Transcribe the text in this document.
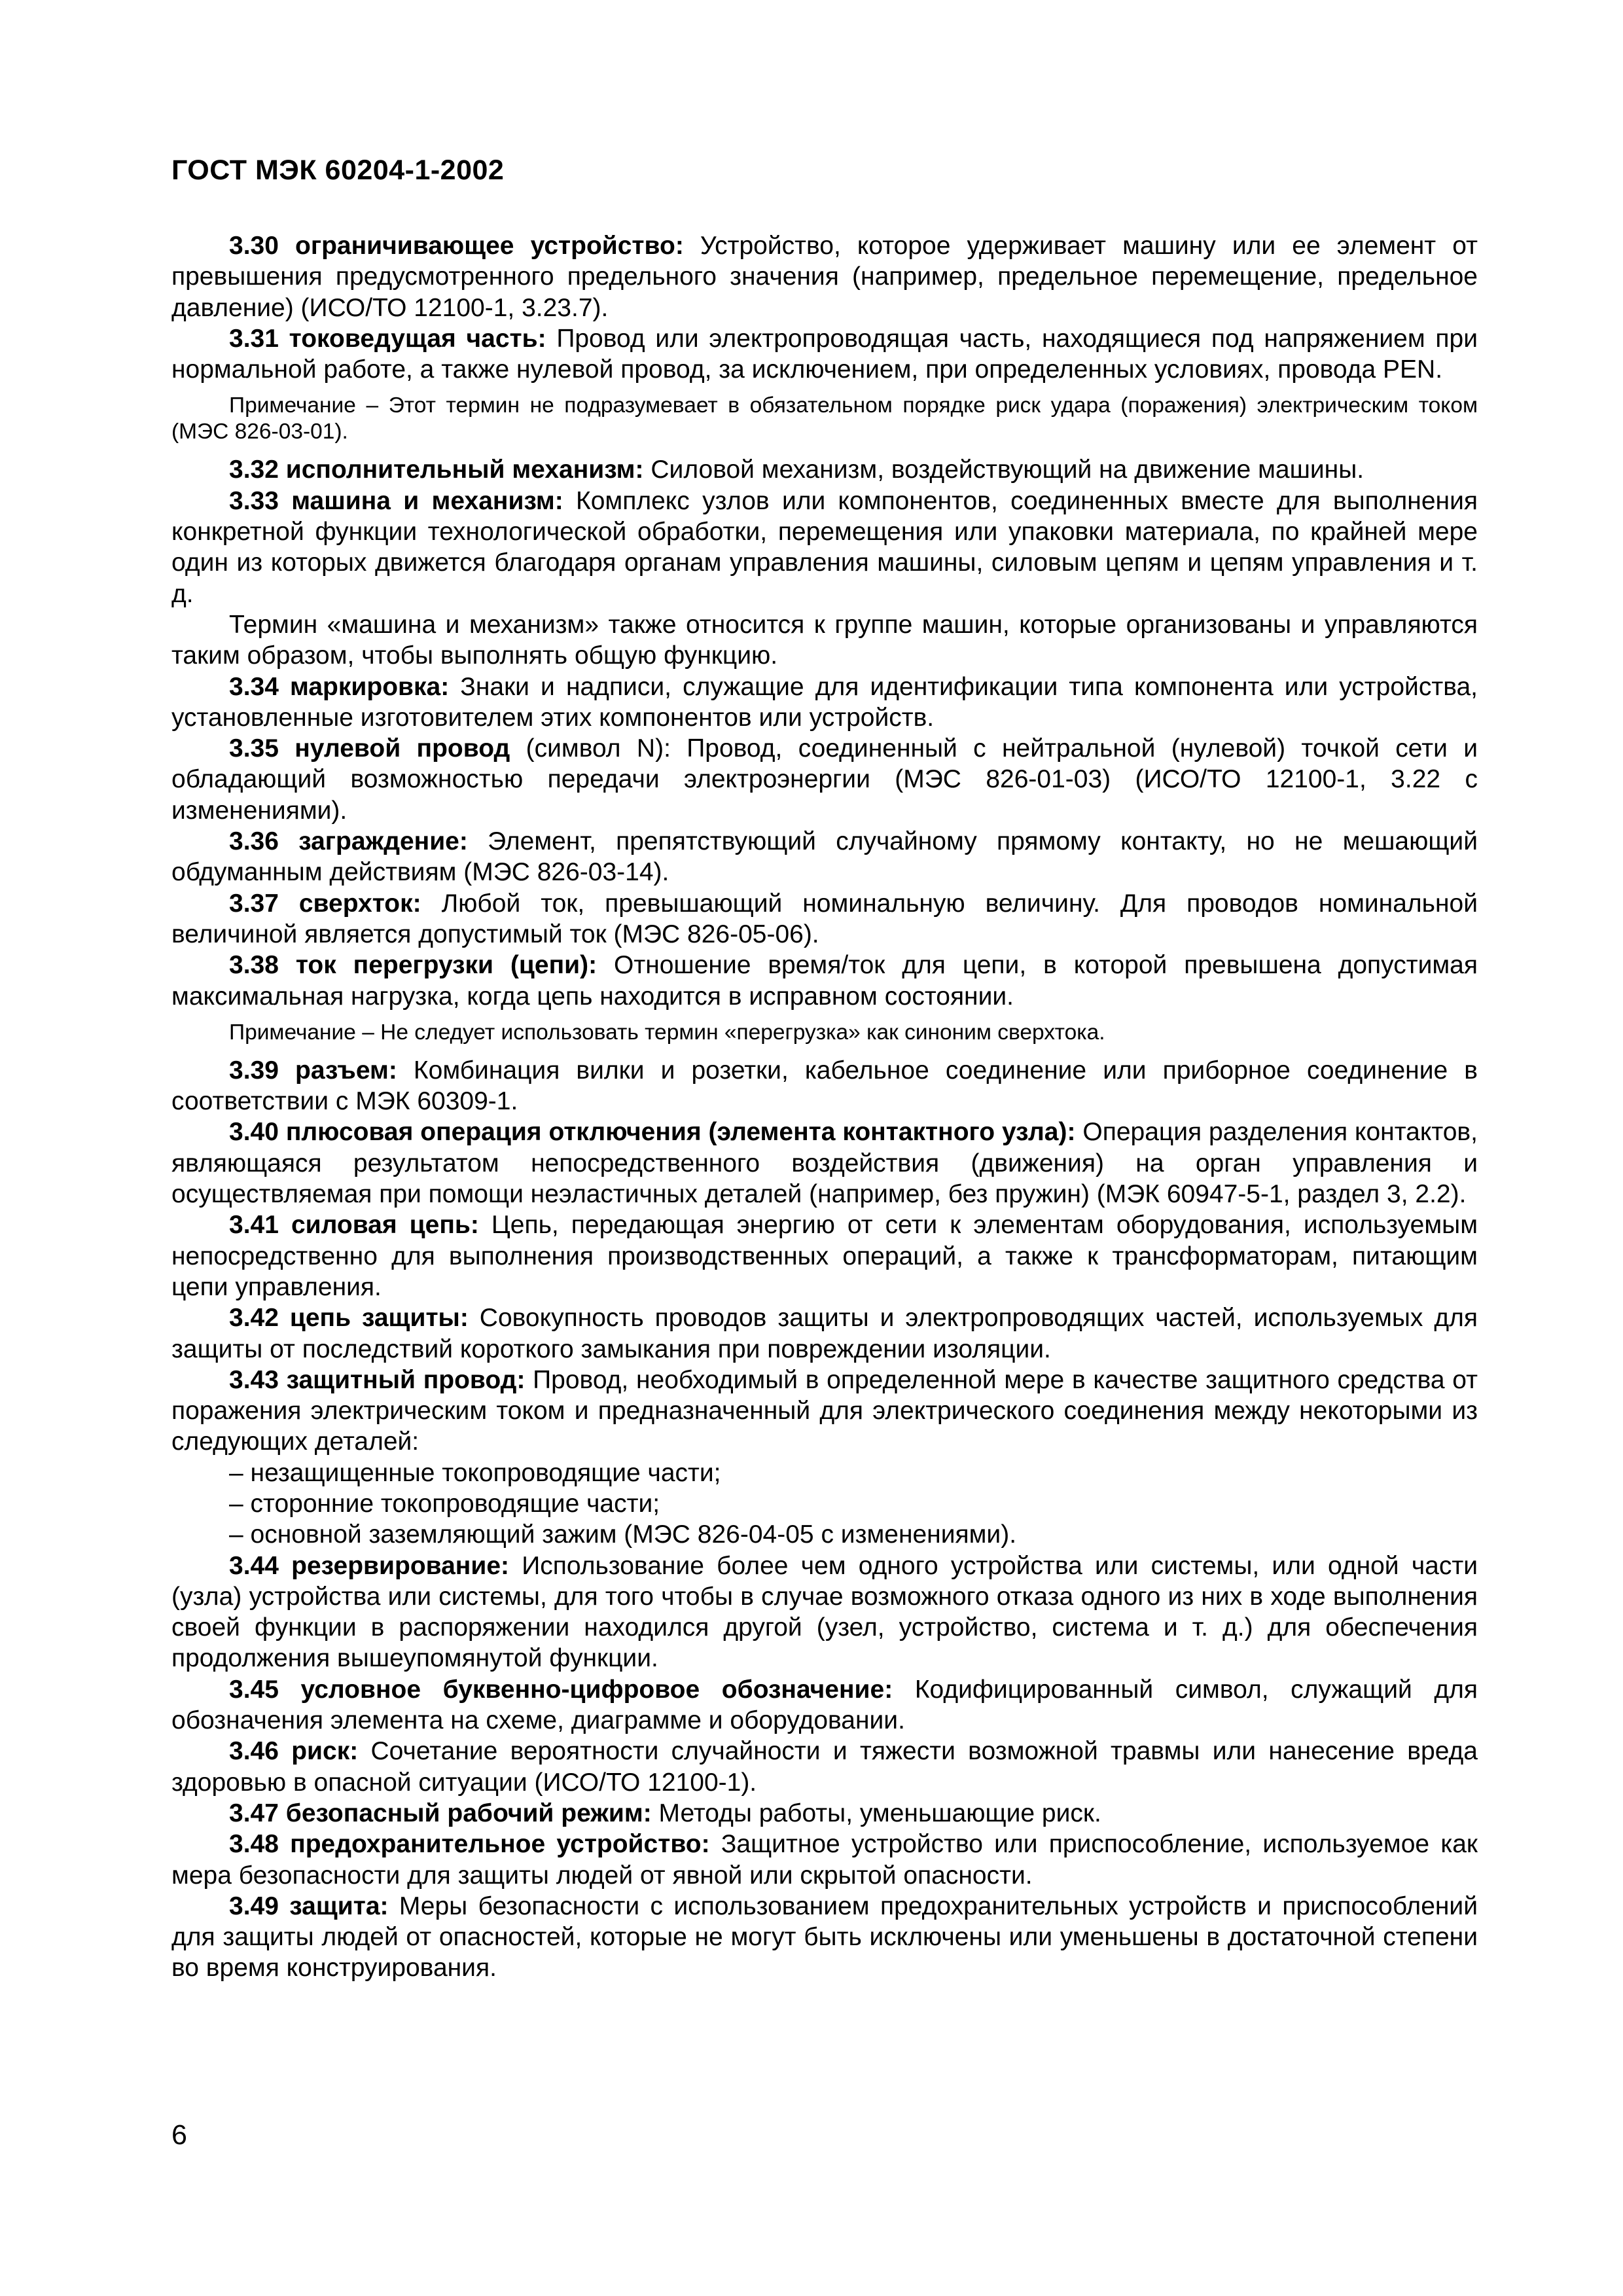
ГОСТ МЭК 60204-1-2002

3.30 ограничивающее устройство: Устройство, которое удерживает машину или ее элемент от превышения предусмотренного предельного значения (например, предельное перемещение, предельное давление) (ИСО/ТО 12100-1, 3.23.7).

3.31 токоведущая часть: Провод или электропроводящая часть, находящиеся под напряжением при нормальной работе, а также нулевой провод, за исключением, при определенных условиях, провода PEN.

Примечание – Этот термин не подразумевает в обязательном порядке риск удара (поражения) электрическим током (МЭС 826-03-01).

3.32 исполнительный механизм: Силовой механизм, воздействующий на движение машины.

3.33 машина и механизм: Комплекс узлов или компонентов, соединенных вместе для выполнения конкретной функции технологической обработки, перемещения или упаковки материала, по крайней мере один из которых движется благодаря органам управления машины, силовым цепям и цепям управления и т. д.

Термин «машина и механизм» также относится к группе машин, которые организованы и управляются таким образом, чтобы выполнять общую функцию.

3.34 маркировка: Знаки и надписи, служащие для идентификации типа компонента или устройства, установленные изготовителем этих компонентов или устройств.

3.35 нулевой провод (символ N): Провод, соединенный с нейтральной (нулевой) точкой сети и обладающий возможностью передачи электроэнергии (МЭС 826-01-03) (ИСО/ТО 12100-1, 3.22 с изменениями).

3.36 заграждение: Элемент, препятствующий случайному прямому контакту, но не мешающий обдуманным действиям (МЭС 826-03-14).

3.37 сверхток: Любой ток, превышающий номинальную величину. Для проводов номинальной величиной является допустимый ток (МЭС 826-05-06).

3.38 ток перегрузки (цепи): Отношение время/ток для цепи, в которой превышена допустимая максимальная нагрузка, когда цепь находится в исправном состоянии.

Примечание – Не следует использовать термин «перегрузка» как синоним сверхтока.

3.39 разъем: Комбинация вилки и розетки, кабельное соединение или приборное соединение в соответствии с МЭК 60309-1.

3.40 плюсовая операция отключения (элемента контактного узла): Операция разделения контактов, являющаяся результатом непосредственного воздействия (движения) на орган управления и осуществляемая при помощи неэластичных деталей (например, без пружин) (МЭК 60947-5-1, раздел 3, 2.2).

3.41 силовая цепь: Цепь, передающая энергию от сети к элементам оборудования, используемым непосредственно для выполнения производственных операций, а также к трансформаторам, питающим цепи управления.

3.42 цепь защиты: Совокупность проводов защиты и электропроводящих частей, используемых для защиты от последствий короткого замыкания при повреждении изоляции.

3.43 защитный провод: Провод, необходимый в определенной мере в качестве защитного средства от поражения электрическим током и предназначенный для электрического соединения между некоторыми из следующих деталей:

– незащищенные токопроводящие части;

– сторонние токопроводящие части;

– основной заземляющий зажим (МЭС 826-04-05 с изменениями).

3.44 резервирование: Использование более чем одного устройства или системы, или одной части (узла) устройства или системы, для того чтобы в случае возможного отказа одного из них в ходе выполнения своей функции в распоряжении находился другой (узел, устройство, система и т. д.) для обеспечения продолжения вышеупомянутой функции.

3.45 условное буквенно-цифровое обозначение: Кодифицированный символ, служащий для обозначения элемента на схеме, диаграмме и оборудовании.

3.46 риск: Сочетание вероятности случайности и тяжести возможной травмы или нанесение вреда здоровью в опасной ситуации (ИСО/ТО 12100-1).

3.47 безопасный рабочий режим: Методы работы, уменьшающие риск.

3.48 предохранительное устройство: Защитное устройство или приспособление, используемое как мера безопасности для защиты людей от явной или скрытой опасности.

3.49 защита: Меры безопасности с использованием предохранительных устройств и приспособлений для защиты людей от опасностей, которые не могут быть исключены или уменьшены в достаточной степени во время конструирования.

6
